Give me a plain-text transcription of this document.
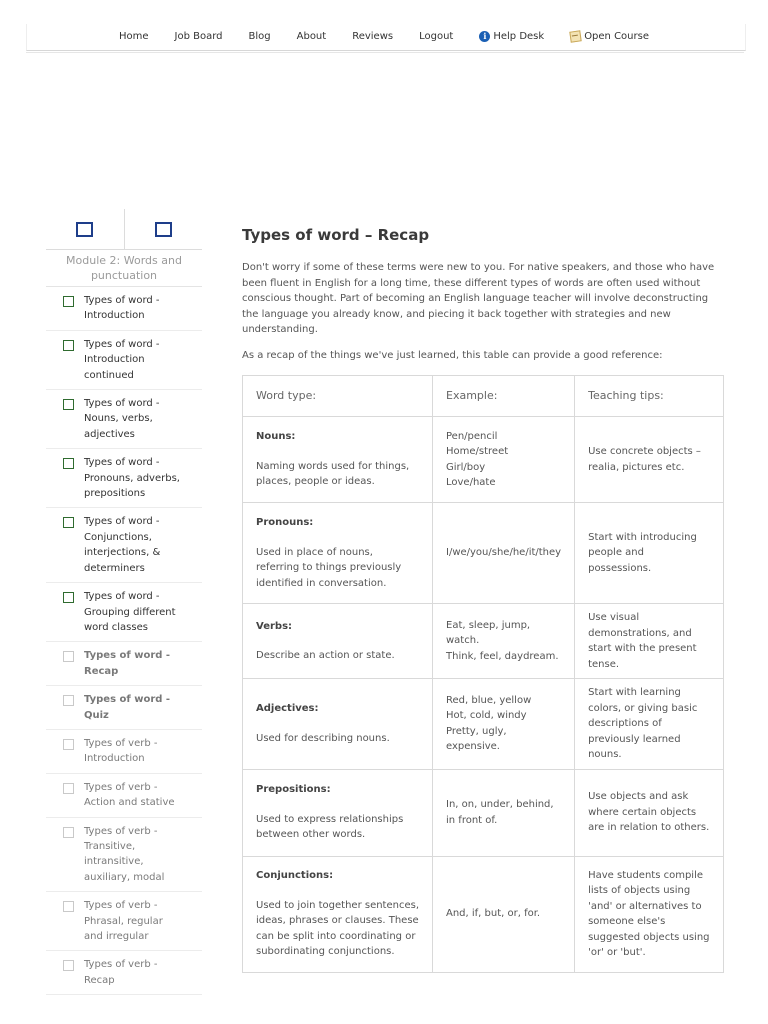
Home	Job Board	Blog	About	Reviews	Logout	i Help Desk	Open Course
Module 2: Words and punctuation
Types of word - Introduction
Types of word - Introduction continued
Types of word - Nouns, verbs, adjectives
Types of word - Pronouns, adverbs, prepositions
Types of word - Conjunctions, interjections, & determiners
Types of word - Grouping different word classes
Types of word - Recap
Types of word - Quiz
Types of verb - Introduction
Types of verb - Action and stative
Types of verb - Transitive, intransitive, auxiliary, modal
Types of verb - Phrasal, regular and irregular
Types of verb - Recap
Types of word – Recap

Don't worry if some of these terms were new to you. For native speakers, and those who have been fluent in English for a long time, these different types of words are often used without conscious thought. Part of becoming an English language teacher will involve deconstructing the language you already know, and piecing it back together with strategies and new understanding.

As a recap of the things we've just learned, this table can provide a good reference:

Word type:	Example:	Teaching tips:

Nouns:
Naming words used for things, places, people or ideas.	Pen/pencil
Home/street
Girl/boy
Love/hate	Use concrete objects – realia, pictures etc.

Pronouns:
Used in place of nouns, referring to things previously identified in conversation.	I/we/you/she/he/it/they	Start with introducing people and possessions.

Verbs:
Describe an action or state.	Eat, sleep, jump, watch.
Think, feel, daydream.	Use visual demonstrations, and start with the present tense.

Adjectives:
Used for describing nouns.	Red, blue, yellow
Hot, cold, windy
Pretty, ugly, expensive.	Start with learning colors, or giving basic descriptions of previously learned nouns.

Prepositions:
Used to express relationships between other words.	In, on, under, behind, in front of.	Use objects and ask where certain objects are in relation to others.

Conjunctions:
Used to join together sentences, ideas, phrases or clauses. These can be split into coordinating or subordinating conjunctions.	And, if, but, or, for.	Have students compile lists of objects using 'and' or alternatives to someone else's suggested objects using 'or' or 'but'.
